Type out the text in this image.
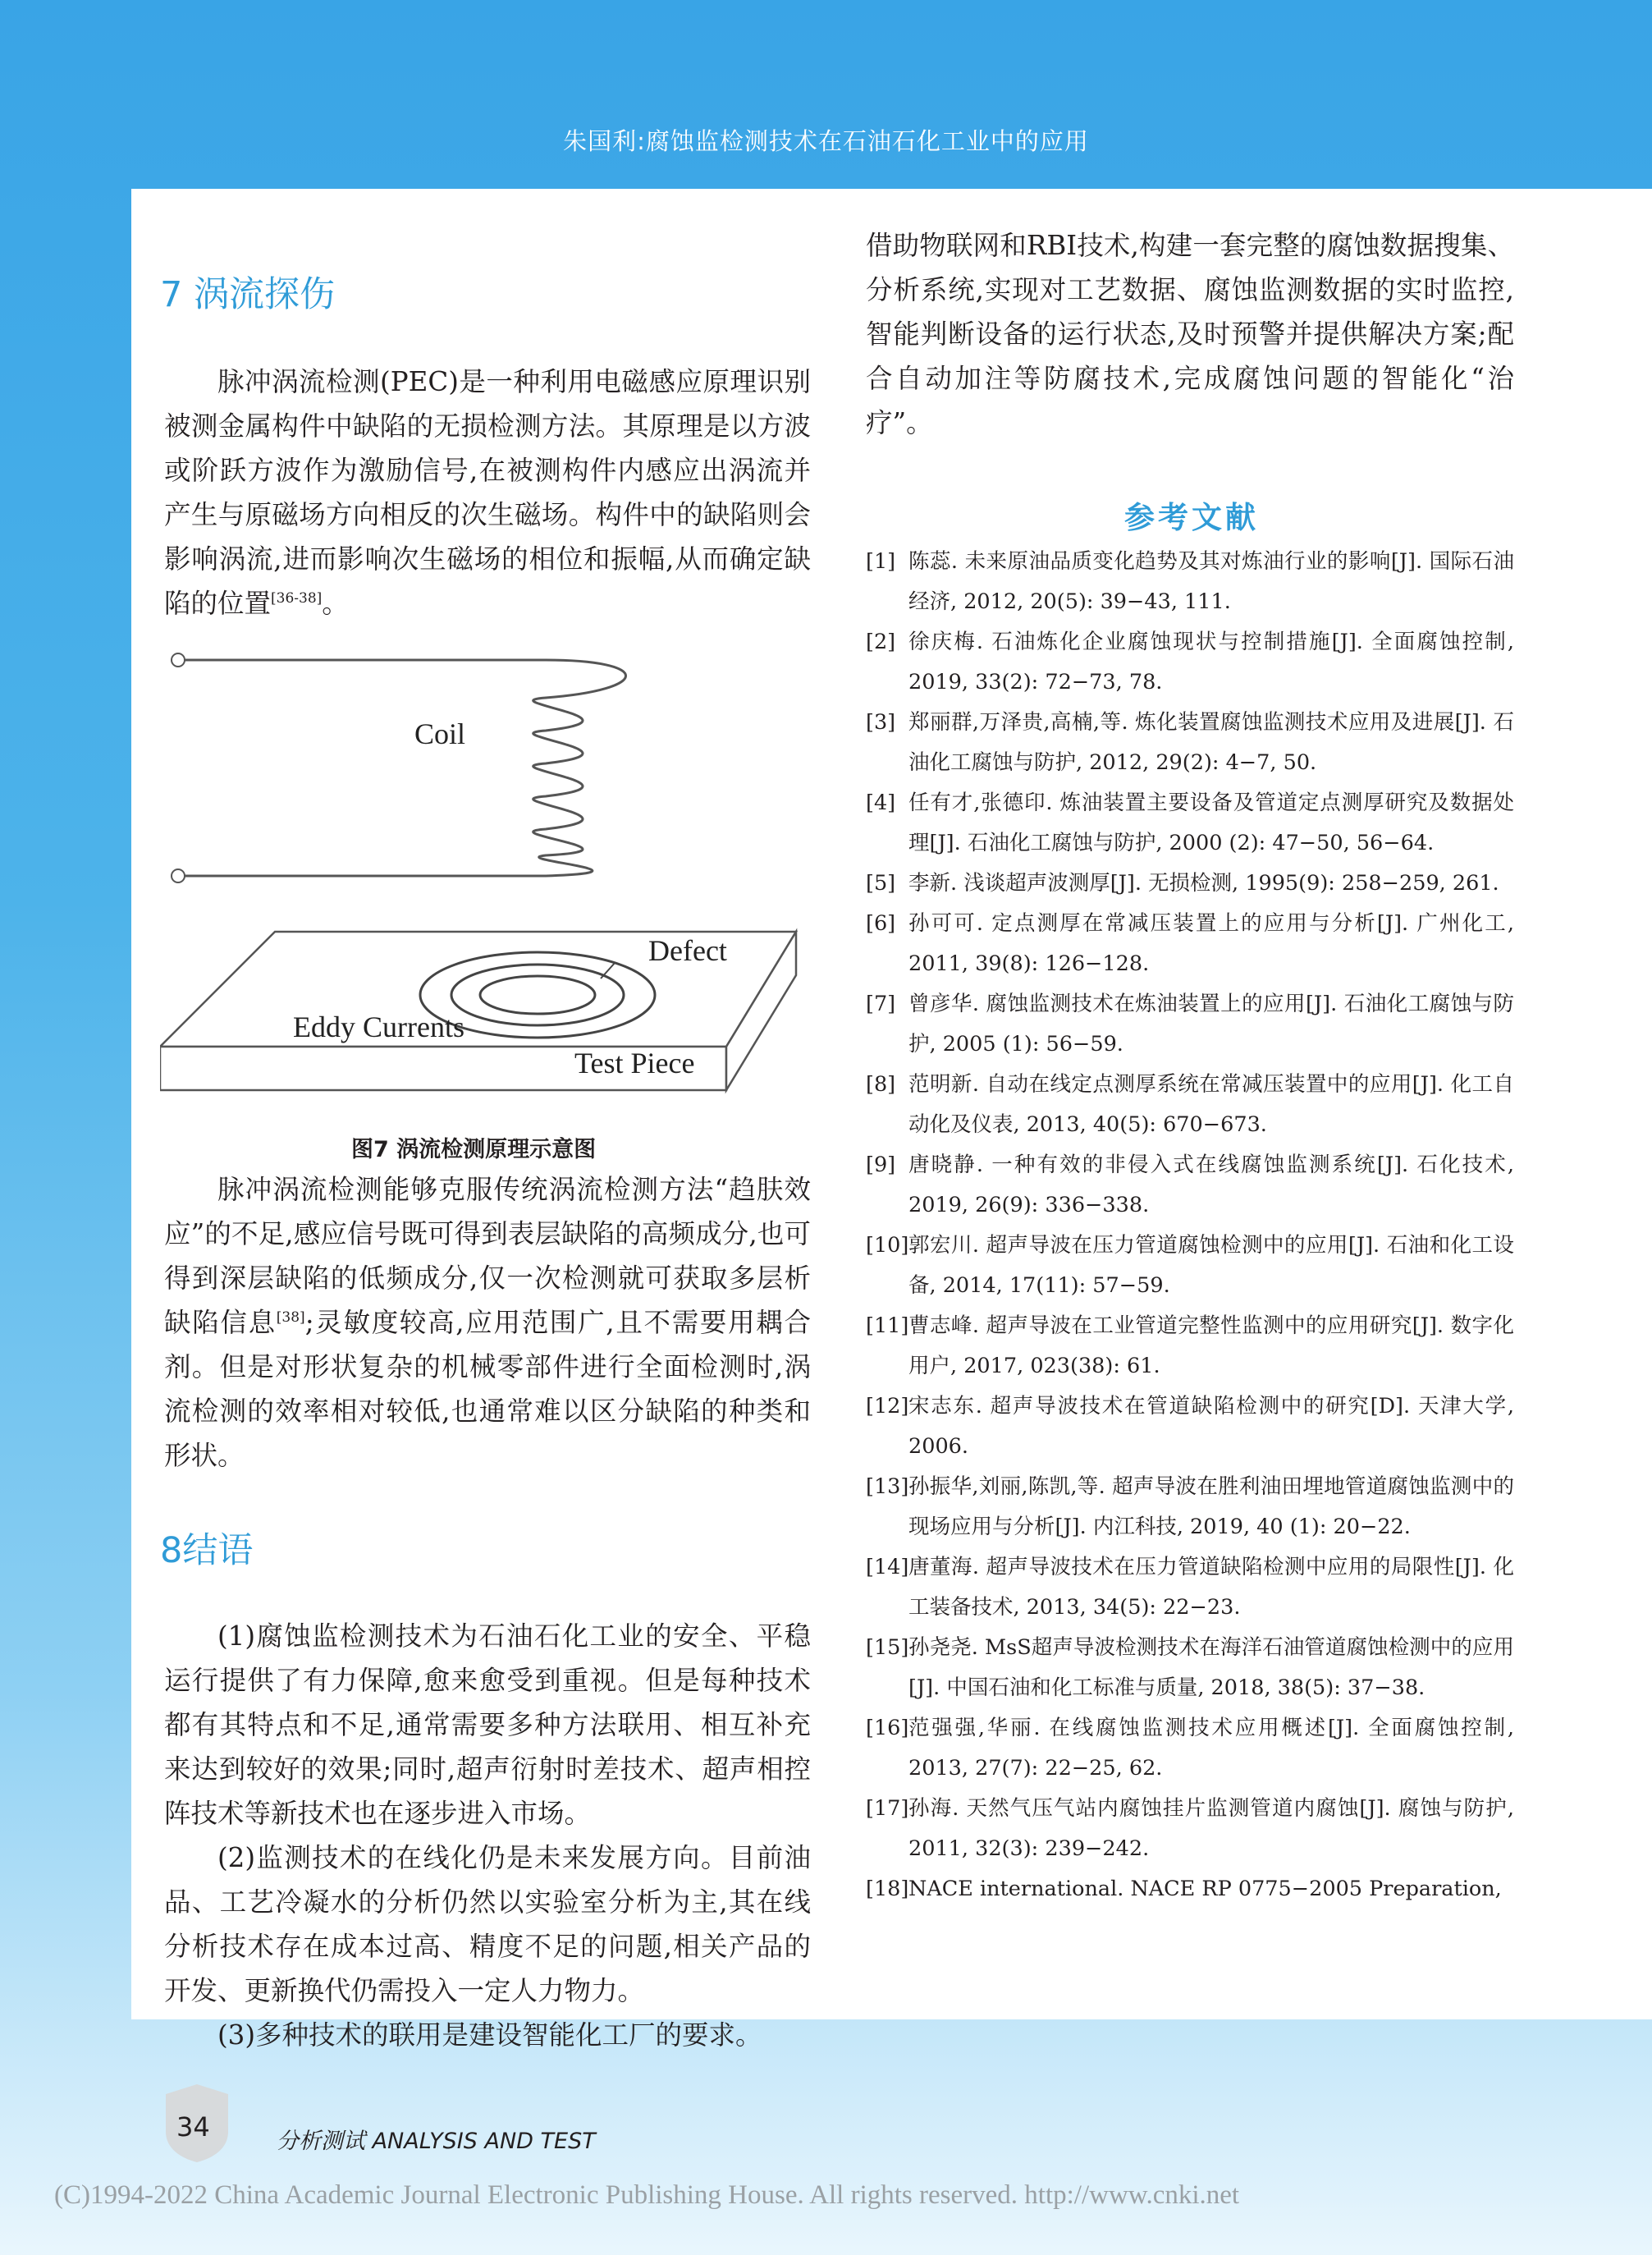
朱国利:腐蚀监检测技术在石油石化工业中的应用
7 涡流探伤

脉冲涡流检测(PEC)是一种利用电磁感应原理识别被测金属构件中缺陷的无损检测方法。其原理是以方波或阶跃方波作为激励信号,在被测构件内感应出涡流并产生与原磁场方向相反的次生磁场。构件中的缺陷则会影响涡流,进而影响次生磁场的相位和振幅,从而确定缺陷的位置[36-38]。

Coil
Defect
Eddy Currents
Test Piece
图7 涡流检测原理示意图

脉冲涡流检测能够克服传统涡流检测方法“趋肤效应”的不足,感应信号既可得到表层缺陷的高频成分,也可得到深层缺陷的低频成分,仅一次检测就可获取多层析缺陷信息[38];灵敏度较高,应用范围广,且不需要用耦合剂。但是对形状复杂的机械零部件进行全面检测时,涡流检测的效率相对较低,也通常难以区分缺陷的种类和形状。

8结语

(1)腐蚀监检测技术为石油石化工业的安全、平稳运行提供了有力保障,愈来愈受到重视。但是每种技术都有其特点和不足,通常需要多种方法联用、相互补充来达到较好的效果;同时,超声衍射时差技术、超声相控阵技术等新技术也在逐步进入市场。

(2)监测技术的在线化仍是未来发展方向。目前油品、工艺冷凝水的分析仍然以实验室分析为主,其在线分析技术存在成本过高、精度不足的问题,相关产品的开发、更新换代仍需投入一定人力物力。

(3)多种技术的联用是建设智能化工厂的要求。

借助物联网和RBI技术,构建一套完整的腐蚀数据搜集、分析系统,实现对工艺数据、腐蚀监测数据的实时监控,智能判断设备的运行状态,及时预警并提供解决方案;配合自动加注等防腐技术,完成腐蚀问题的智能化“治疗”。

参考文献
[1] 陈蕊. 未来原油品质变化趋势及其对炼油行业的影响[J]. 国际石油经济, 2012, 20(5): 39−43, 111.
[2] 徐庆梅. 石油炼化企业腐蚀现状与控制措施[J]. 全面腐蚀控制, 2019, 33(2): 72−73, 78.
[3] 郑丽群,万泽贵,高楠,等. 炼化装置腐蚀监测技术应用及进展[J]. 石油化工腐蚀与防护, 2012, 29(2): 4−7, 50.
[4] 任有才,张德印. 炼油装置主要设备及管道定点测厚研究及数据处理[J]. 石油化工腐蚀与防护, 2000 (2): 47−50, 56−64.
[5] 李新. 浅谈超声波测厚[J]. 无损检测, 1995(9): 258−259, 261.
[6] 孙可可. 定点测厚在常减压装置上的应用与分析[J]. 广州化工, 2011, 39(8): 126−128.
[7] 曾彦华. 腐蚀监测技术在炼油装置上的应用[J]. 石油化工腐蚀与防护, 2005 (1): 56−59.
[8] 范明新. 自动在线定点测厚系统在常减压装置中的应用[J]. 化工自动化及仪表, 2013, 40(5): 670−673.
[9] 唐晓静. 一种有效的非侵入式在线腐蚀监测系统[J]. 石化技术, 2019, 26(9): 336−338.
[10] 郭宏川. 超声导波在压力管道腐蚀检测中的应用[J]. 石油和化工设备, 2014, 17(11): 57−59.
[11] 曹志峰. 超声导波在工业管道完整性监测中的应用研究[J]. 数字化用户, 2017, 023(38): 61.
[12] 宋志东. 超声导波技术在管道缺陷检测中的研究[D]. 天津大学, 2006.
[13] 孙振华,刘丽,陈凯,等. 超声导波在胜利油田埋地管道腐蚀监测中的现场应用与分析[J]. 内江科技, 2019, 40 (1): 20−22.
[14] 唐董海. 超声导波技术在压力管道缺陷检测中应用的局限性[J]. 化工装备技术, 2013, 34(5): 22−23.
[15] 孙尧尧. MsS超声导波检测技术在海洋石油管道腐蚀检测中的应用[J]. 中国石油和化工标准与质量, 2018, 38(5): 37−38.
[16] 范强强,华丽. 在线腐蚀监测技术应用概述[J]. 全面腐蚀控制, 2013, 27(7): 22−25, 62.
[17] 孙海. 天然气压气站内腐蚀挂片监测管道内腐蚀[J]. 腐蚀与防护, 2011, 32(3): 239−242.
[18] NACE international. NACE RP 0775−2005 Preparation,
34	分析测试 ANALYSIS AND TEST
(C)1994-2022 China Academic Journal Electronic Publishing House. All rights reserved. http://www.cnki.net
